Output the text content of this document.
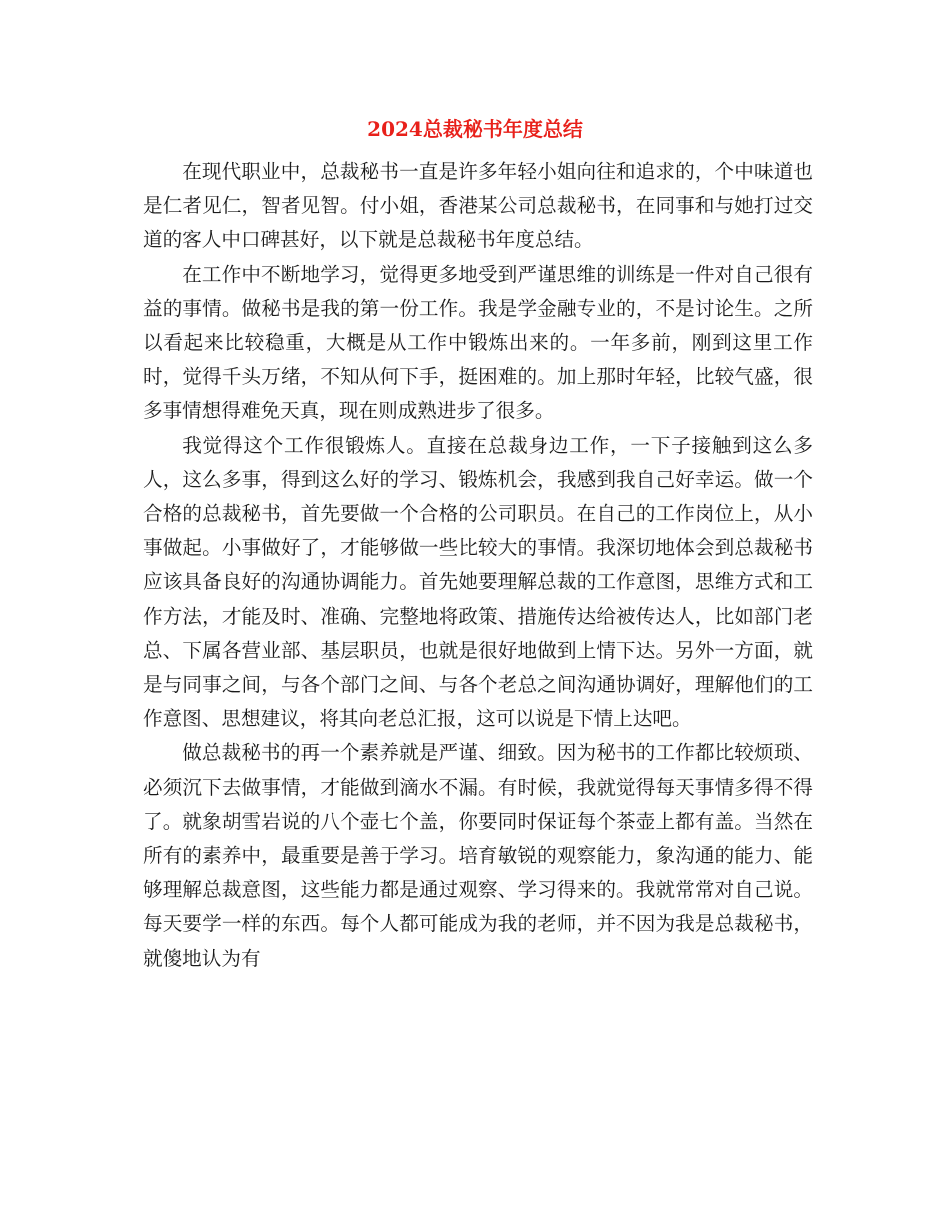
2024总裁秘书年度总结

在现代职业中，总裁秘书一直是许多年轻小姐向往和追求的，个中味道也是仁者见仁，智者见智。付小姐，香港某公司总裁秘书，在同事和与她打过交道的客人中口碑甚好，以下就是总裁秘书年度总结。

在工作中不断地学习，觉得更多地受到严谨思维的训练是一件对自己很有益的事情。做秘书是我的第一份工作。我是学金融专业的，不是讨论生。之所以看起来比较稳重，大概是从工作中锻炼出来的。一年多前，刚到这里工作时，觉得千头万绪，不知从何下手，挺困难的。加上那时年轻，比较气盛，很多事情想得难免天真，现在则成熟进步了很多。

我觉得这个工作很锻炼人。直接在总裁身边工作，一下子接触到这么多人，这么多事，得到这么好的学习、锻炼机会，我感到我自己好幸运。做一个合格的总裁秘书，首先要做一个合格的公司职员。在自己的工作岗位上，从小事做起。小事做好了，才能够做一些比较大的事情。我深切地体会到总裁秘书应该具备良好的沟通协调能力。首先她要理解总裁的工作意图，思维方式和工作方法，才能及时、准确、完整地将政策、措施传达给被传达人，比如部门老总、下属各营业部、基层职员，也就是很好地做到上情下达。另外一方面，就是与同事之间，与各个部门之间、与各个老总之间沟通协调好，理解他们的工作意图、思想建议，将其向老总汇报，这可以说是下情上达吧。

做总裁秘书的再一个素养就是严谨、细致。因为秘书的工作都比较烦琐、必须沉下去做事情，才能做到滴水不漏。有时候，我就觉得每天事情多得不得了。就象胡雪岩说的八个壶七个盖，你要同时保证每个茶壶上都有盖。当然在所有的素养中，最重要是善于学习。培育敏锐的观察能力，象沟通的能力、能够理解总裁意图，这些能力都是通过观察、学习得来的。我就常常对自己说。每天要学一样的东西。每个人都可能成为我的老师，并不因为我是总裁秘书，就傻地认为有
